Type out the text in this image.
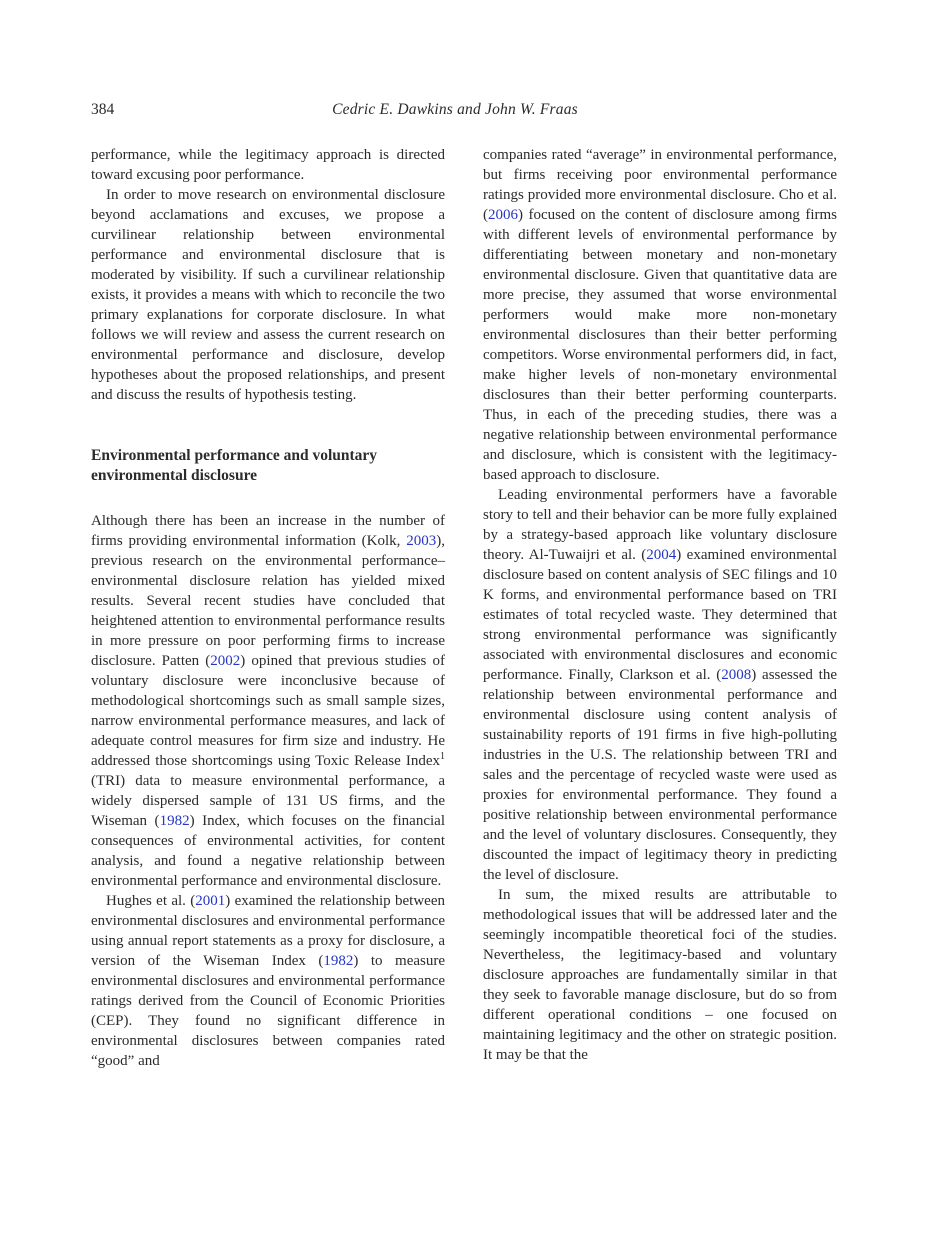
384	Cedric E. Dawkins and John W. Fraas

performance, while the legitimacy approach is directed toward excusing poor performance.

In order to move research on environmental disclosure beyond acclamations and excuses, we propose a curvilinear relationship between environmental performance and environmental disclosure that is moderated by visibility. If such a curvilinear relationship exists, it provides a means with which to reconcile the two primary explanations for corporate disclosure. In what follows we will review and assess the current research on environmental performance and disclosure, develop hypotheses about the proposed relationships, and present and discuss the results of hypothesis testing.

Environmental performance and voluntary environmental disclosure

Although there has been an increase in the number of firms providing environmental information (Kolk, 2003), previous research on the environmental performance–environmental disclosure relation has yielded mixed results. Several recent studies have concluded that heightened attention to environmental performance results in more pressure on poor performing firms to increase disclosure. Patten (2002) opined that previous studies of voluntary disclosure were inconclusive because of methodological shortcomings such as small sample sizes, narrow environmental performance measures, and lack of adequate control measures for firm size and industry. He addressed those shortcomings using Toxic Release Index$^1$ (TRI) data to measure environmental performance, a widely dispersed sample of 131 US firms, and the Wiseman (1982) Index, which focuses on the financial consequences of environmental activities, for content analysis, and found a negative relationship between environmental performance and environmental disclosure.

Hughes et al. (2001) examined the relationship between environmental disclosures and environmental performance using annual report statements as a proxy for disclosure, a version of the Wiseman Index (1982) to measure environmental disclosures and environmental performance ratings derived from the Council of Economic Priorities (CEP). They found no significant difference in environmental disclosures between companies rated “good” and

companies rated “average” in environmental performance, but firms receiving poor environmental performance ratings provided more environmental disclosure. Cho et al. (2006) focused on the content of disclosure among firms with different levels of environmental performance by differentiating between monetary and non-monetary environmental disclosure. Given that quantitative data are more precise, they assumed that worse environmental performers would make more non-monetary environmental disclosures than their better performing competitors. Worse environmental performers did, in fact, make higher levels of non-monetary environmental disclosures than their better performing counterparts. Thus, in each of the preceding studies, there was a negative relationship between environmental performance and disclosure, which is consistent with the legitimacy-based approach to disclosure.

Leading environmental performers have a favorable story to tell and their behavior can be more fully explained by a strategy-based approach like voluntary disclosure theory. Al-Tuwaijri et al. (2004) examined environmental disclosure based on content analysis of SEC filings and 10 K forms, and environmental performance based on TRI estimates of total recycled waste. They determined that strong environmental performance was significantly associated with environmental disclosures and economic performance. Finally, Clarkson et al. (2008) assessed the relationship between environmental performance and environmental disclosure using content analysis of sustainability reports of 191 firms in five high-polluting industries in the U.S. The relationship between TRI and sales and the percentage of recycled waste were used as proxies for environmental performance. They found a positive relationship between environmental performance and the level of voluntary disclosures. Consequently, they discounted the impact of legitimacy theory in predicting the level of disclosure.

In sum, the mixed results are attributable to methodological issues that will be addressed later and the seemingly incompatible theoretical foci of the studies. Nevertheless, the legitimacy-based and voluntary disclosure approaches are fundamentally similar in that they seek to favorable manage disclosure, but do so from different operational conditions – one focused on maintaining legitimacy and the other on strategic position. It may be that the
